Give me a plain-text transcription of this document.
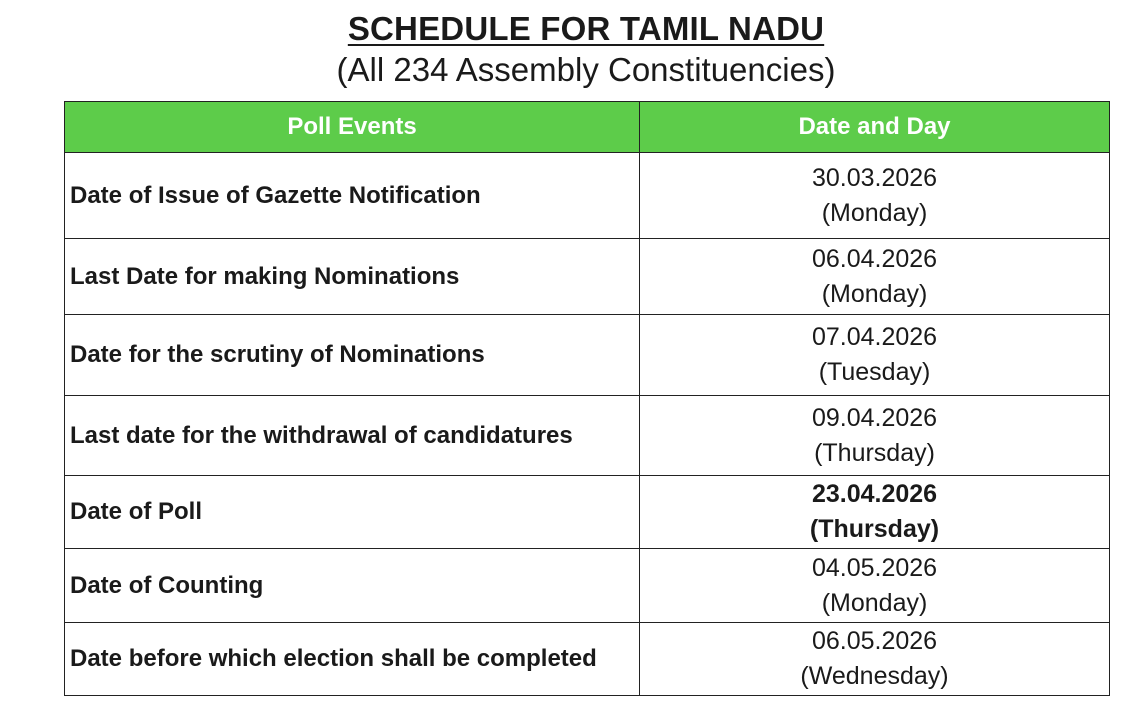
SCHEDULE FOR TAMIL NADU
(All 234 Assembly Constituencies)
Poll Events	Date and Day
Date of Issue of Gazette Notification	30.03.2026
(Monday)

Last Date for making Nominations	06.04.2026
(Monday)

Date for the scrutiny of Nominations	07.04.2026
(Tuesday)

Last date for the withdrawal of candidatures	09.04.2026
(Thursday)

Date of Poll	23.04.2026
(Thursday)

Date of Counting	04.05.2026
(Monday)

Date before which election shall be completed	06.05.2026
(Wednesday)
